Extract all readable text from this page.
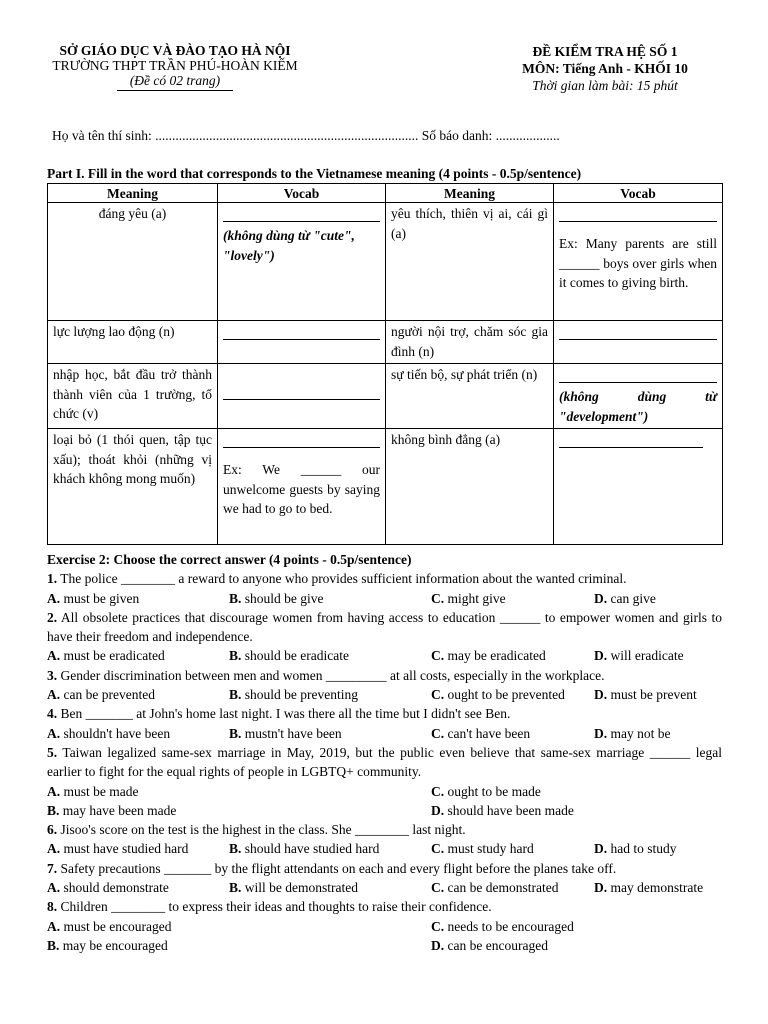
SỞ GIÁO DỤC VÀ ĐÀO TẠO HÀ NỘI
TRƯỜNG THPT TRẦN PHÚ-HOÀN KIẾM
(Đề có 02 trang)
ĐỀ KIỂM TRA HỆ SỐ 1
MÔN: Tiếng Anh - KHỐI 10
Thời gian làm bài: 15 phút
Họ và tên thí sinh: .............................................................................. Số báo danh: ...................
Part I. Fill in the word that corresponds to the Vietnamese meaning (4 points - 0.5p/sentence)
Meaning	Vocab	Meaning	Vocab
đáng yêu (a)	(không dùng từ "cute", "lovely")	yêu thích, thiên vị ai, cái gì (a)	Ex: Many parents are still ______ boys over girls when it comes to giving birth.

lực lượng lao động (n)		người nội trợ, chăm sóc gia đình (n)	

nhập học, bắt đầu trở thành thành viên của 1 trường, tổ chức (v)		sự tiến bộ, sự phát triển (n)	(không dùng từ "development")

loại bỏ (1 thói quen, tập tục xấu); thoát khỏi (những vị khách không mong muốn)	Ex: We ______ our unwelcome guests by saying we had to go to bed.	không bình đẳng (a)	
Exercise 2: Choose the correct answer (4 points - 0.5p/sentence)
1. The police ________ a reward to anyone who provides sufficient information about the wanted criminal.
A. must be given	B. should be give	C. might give	D. can give
2. All obsolete practices that discourage women from having access to education ______ to empower women and girls to have their freedom and independence.
A. must be eradicated	B. should be eradicate	C. may be eradicated	D. will eradicate
3. Gender discrimination between men and women _________ at all costs, especially in the workplace.
A. can be prevented	B. should be preventing	C. ought to be prevented D. must be prevent
4. Ben _______ at John's home last night. I was there all the time but I didn't see Ben.
A. shouldn't have been	B. mustn't have been	C. can't have been	D. may not be
5. Taiwan legalized same-sex marriage in May, 2019, but the public even believe that same-sex marriage ______ legal earlier to fight for the equal rights of people in LGBTQ+ community.
A. must be made	C. ought to be made
B. may have been made	D. should have been made
6. Jisoo's score on the test is the highest in the class. She ________ last night.
A. must have studied hard	B. should have studied hard	C. must study hard	D. had to study
7. Safety precautions _______ by the flight attendants on each and every flight before the planes take off.
A. should demonstrate	B. will be demonstrated	C. can be demonstrated	D. may demonstrate
8. Children ________ to express their ideas and thoughts to raise their confidence.
A. must be encouraged	C. needs to be encouraged
B. may be encouraged	D. can be encouraged
